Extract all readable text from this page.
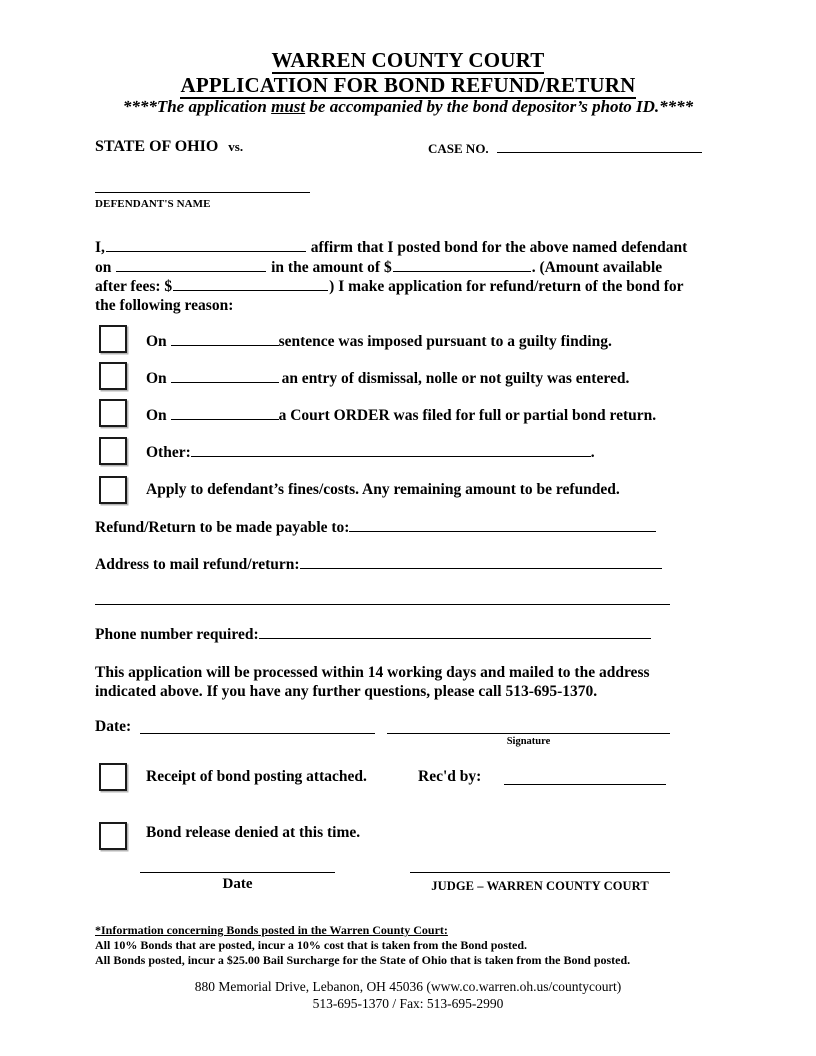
WARREN COUNTY COURT
APPLICATION FOR BOND REFUND/RETURN
****The application must be accompanied by the bond depositor’s photo ID.****
STATE OF OHIO vs.	CASE NO.
DEFENDANT'S NAME
I,	affirm that I posted bond for the above named defendant
on	in the amount of $	. (Amount available
after fees: $	) I make application for refund/return of the bond for
the following reason:
On	sentence was imposed pursuant to a guilty finding.
On	an entry of dismissal, nolle or not guilty was entered.
On	a Court ORDER was filed for full or partial bond return.
Other:	.
Apply to defendant’s fines/costs. Any remaining amount to be refunded.
Refund/Return to be made payable to:
Address to mail refund/return:
Phone number required:
This application will be processed within 14 working days and mailed to the address
indicated above. If you have any further questions, please call 513-695-1370.
Date:
Signature
Receipt of bond posting attached.	Rec'd by:
Bond release denied at this time.
Date	JUDGE – WARREN COUNTY COURT
*Information concerning Bonds posted in the Warren County Court:
All 10% Bonds that are posted, incur a 10% cost that is taken from the Bond posted.
All Bonds posted, incur a $25.00 Bail Surcharge for the State of Ohio that is taken from the Bond posted.
880 Memorial Drive, Lebanon, OH 45036 (www.co.warren.oh.us/countycourt)
513-695-1370 / Fax: 513-695-2990
